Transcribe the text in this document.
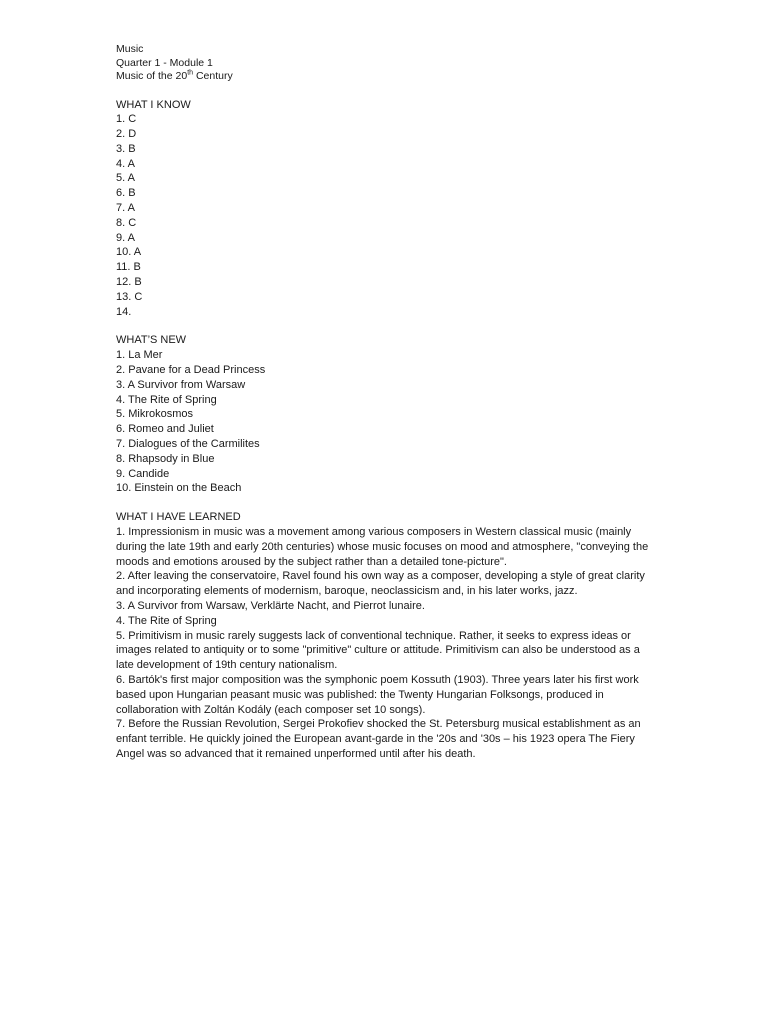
Music
Quarter 1 - Module 1
Music of the 20th Century
WHAT I KNOW
1. C
2. D
3. B
4. A
5. A
6. B
7. A
8. C
9. A
10. A
11. B
12. B
13. C
14.
WHAT’S NEW
1. La Mer
2. Pavane for a Dead Princess
3. A Survivor from Warsaw
4. The Rite of Spring
5. Mikrokosmos
6. Romeo and Juliet
7. Dialogues of the Carmilites
8. Rhapsody in Blue
9. Candide
10. Einstein on the Beach
WHAT I HAVE LEARNED
1. Impressionism in music was a movement among various composers in Western classical music (mainly during the late 19th and early 20th centuries) whose music focuses on mood and atmosphere, "conveying the moods and emotions aroused by the subject rather than a detailed tone-picture".
2. After leaving the conservatoire, Ravel found his own way as a composer, developing a style of great clarity and incorporating elements of modernism, baroque, neoclassicism and, in his later works, jazz.
3. A Survivor from Warsaw, Verklärte Nacht, and Pierrot lunaire.
4. The Rite of Spring
5. Primitivism in music rarely suggests lack of conventional technique. Rather, it seeks to express ideas or images related to antiquity or to some "primitive" culture or attitude. Primitivism can also be understood as a late development of 19th century nationalism.
6. Bartók's first major composition was the symphonic poem Kossuth (1903). Three years later his first work based upon Hungarian peasant music was published: the Twenty Hungarian Folksongs, produced in collaboration with Zoltán Kodály (each composer set 10 songs).
7. Before the Russian Revolution, Sergei Prokofiev shocked the St. Petersburg musical establishment as an enfant terrible. He quickly joined the European avant-garde in the '20s and '30s – his 1923 opera The Fiery Angel was so advanced that it remained unperformed until after his death.
